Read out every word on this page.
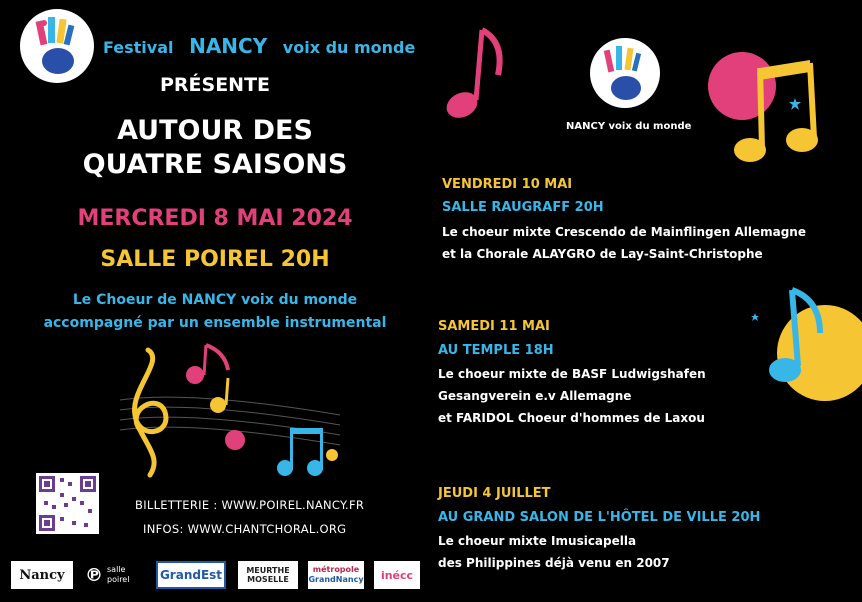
Festival NANCY voix du monde
PRÉSENTE
AUTOUR DES
QUATRE SAISONS
MERCREDI 8 MAI 2024
SALLE POIREL 20H
Le Choeur de NANCY voix du monde
accompagné par un ensemble instrumental
BILLETTERIE : WWW.POIREL.NANCY.FR
INFOS: WWW.CHANTCHORAL.ORG
Nancy	℗ salle
poirel	GrandEst	MEURTHE
MOSELLE
métropole
GrandNancy	inécc
NANCY voix du monde
VENDREDI 10 MAI
SALLE RAUGRAFF 20H
Le choeur mixte Crescendo de Mainflingen Allemagne
et la Chorale ALAYGRO de Lay-Saint-Christophe
SAMEDI 11 MAI
AU TEMPLE 18H
Le choeur mixte de BASF Ludwigshafen
Gesangverein e.v Allemagne
et FARIDOL Choeur d'hommes de Laxou
JEUDI 4 JUILLET
AU GRAND SALON DE L'HÔTEL DE VILLE 20H
Le choeur mixte Imusicapella
des Philippines déjà venu en 2007
